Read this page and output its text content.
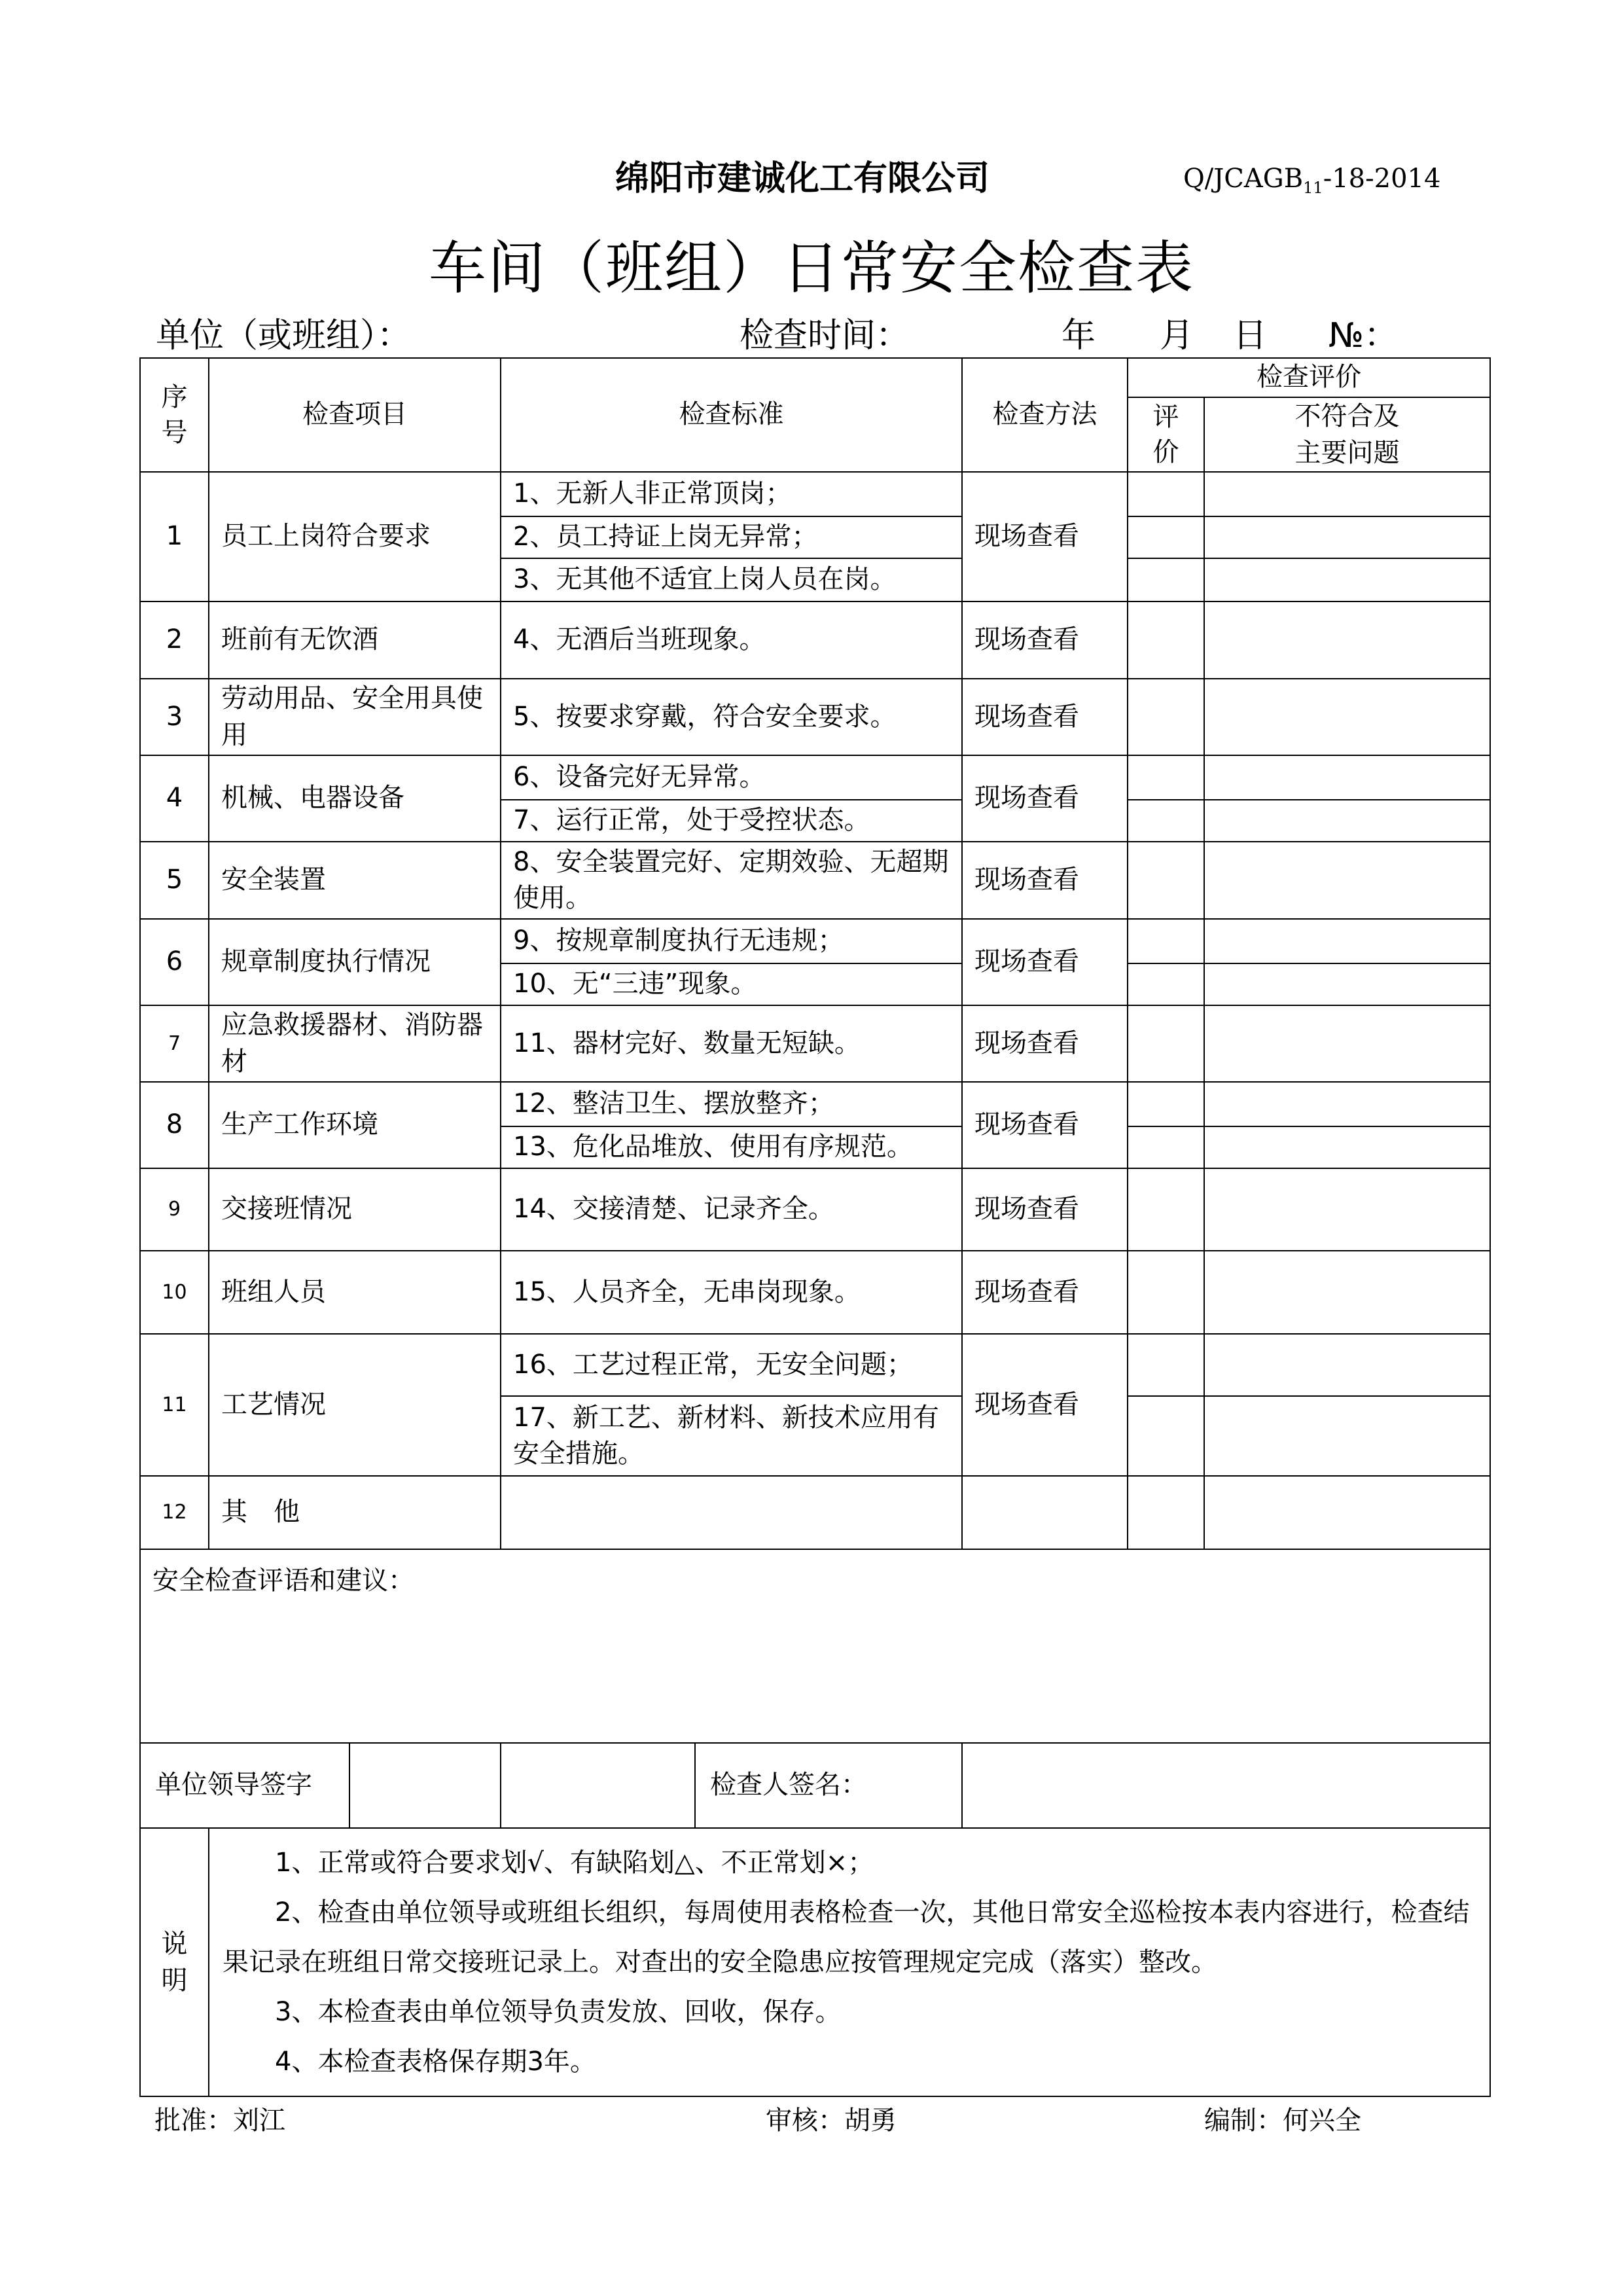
绵阳市建诚化工有限公司	$Q/JCAGB_{11}-18-2014$
车间（班组）日常安全检查表
单位（或班组）：	检查时间：	年 月 日 №：
序号	检查项目	检查标准	检查方法	检查评价	

				评价	不符合及
主要问题

1	员工上岗符合要求	1、无新人非正常顶岗；	现场查看		
		2、员工持证上岗无异常；			
		3、无其他不适宜上岗人员在岗。			
2	班前有无饮酒	4、无酒后当班现象。	现场查看		
3	劳动用品、安全用具使用	5、按要求穿戴，符合安全要求。	现场查看		
4	机械、电器设备	6、设备完好无异常。	现场查看		
		7、运行正常，处于受控状态。			
5	安全装置	8、安全装置完好、定期效验、无超期使用。	现场查看		
6	规章制度执行情况	9、按规章制度执行无违规；	现场查看		
		10、无“三违”现象。			
7	应急救援器材、消防器材	11、器材完好、数量无短缺。	现场查看		
8	生产工作环境	12、整洁卫生、摆放整齐；	现场查看		
		13、危化品堆放、使用有序规范。			
9	交接班情况	14、交接清楚、记录齐全。	现场查看		
10	班组人员	15、人员齐全，无串岗现象。	现场查看		
11	工艺情况	16、工艺过程正常，无安全问题；	现场查看		
		17、新工艺、新材料、新技术应用有安全措施。			
12	其　他				
安全检查评语和建议：					

单位领导签字		检查人签名：			

说明	1、正常或符合要求划√、有缺陷划△、不正常划×；

2、检查由单位领导或班组长组织，每周使用表格检查一次，其他日常安全巡检按本表内容进行，检查结果记录在班组日常交接班记录上。对查出的安全隐患应按管理规定完成（落实）整改。

3、本检查表由单位领导负责发放、回收，保存。

4、本检查表格保存期3年。				

批准：刘江	审核：胡勇	编制：何兴全
